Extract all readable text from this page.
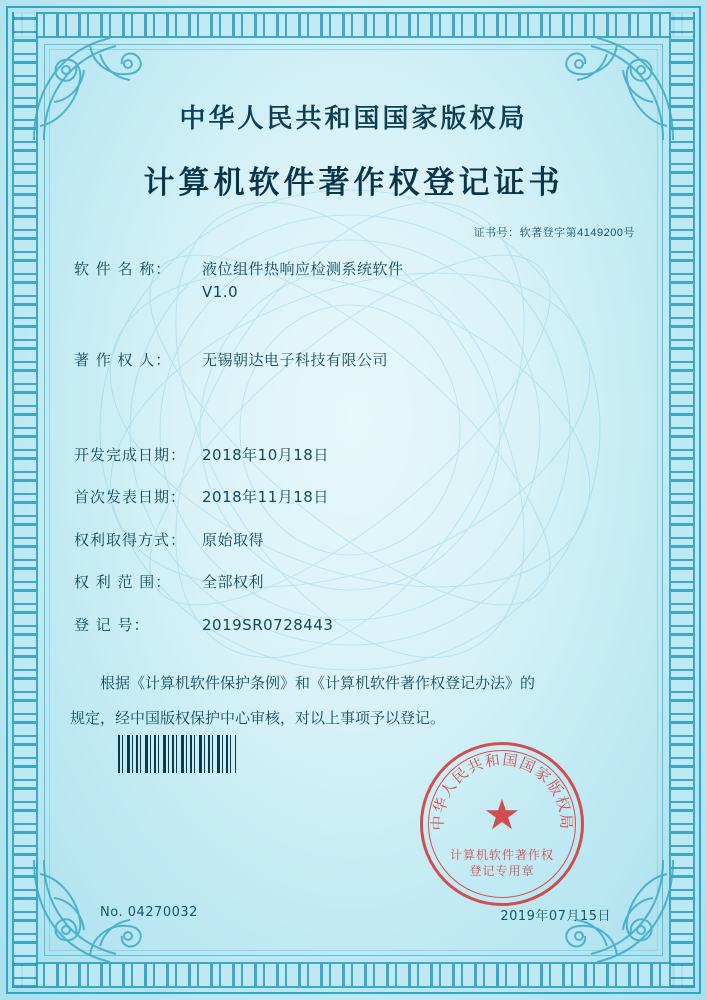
中华人民共和国国家版权局
计算机软件著作权登记证书
证书号：软著登字第4149200号
软 件 名 称：	液位组件热响应检测系统软件
V1.0
著 作 权 人：	无锡朝达电子科技有限公司
开发完成日期：	2018年10月18日
首次发表日期：	2018年11月18日
权利取得方式：	原始取得
权 利 范 围：	全部权利
登 记 号：	2019SR0728443
根据《计算机软件保护条例》和《计算机软件著作权登记办法》的
规定，经中国版权保护中心审核，对以上事项予以登记。
中华人民共和国国家版权局
★
计算机软件著作权
登记专用章
No. 04270032	2019年07月15日
